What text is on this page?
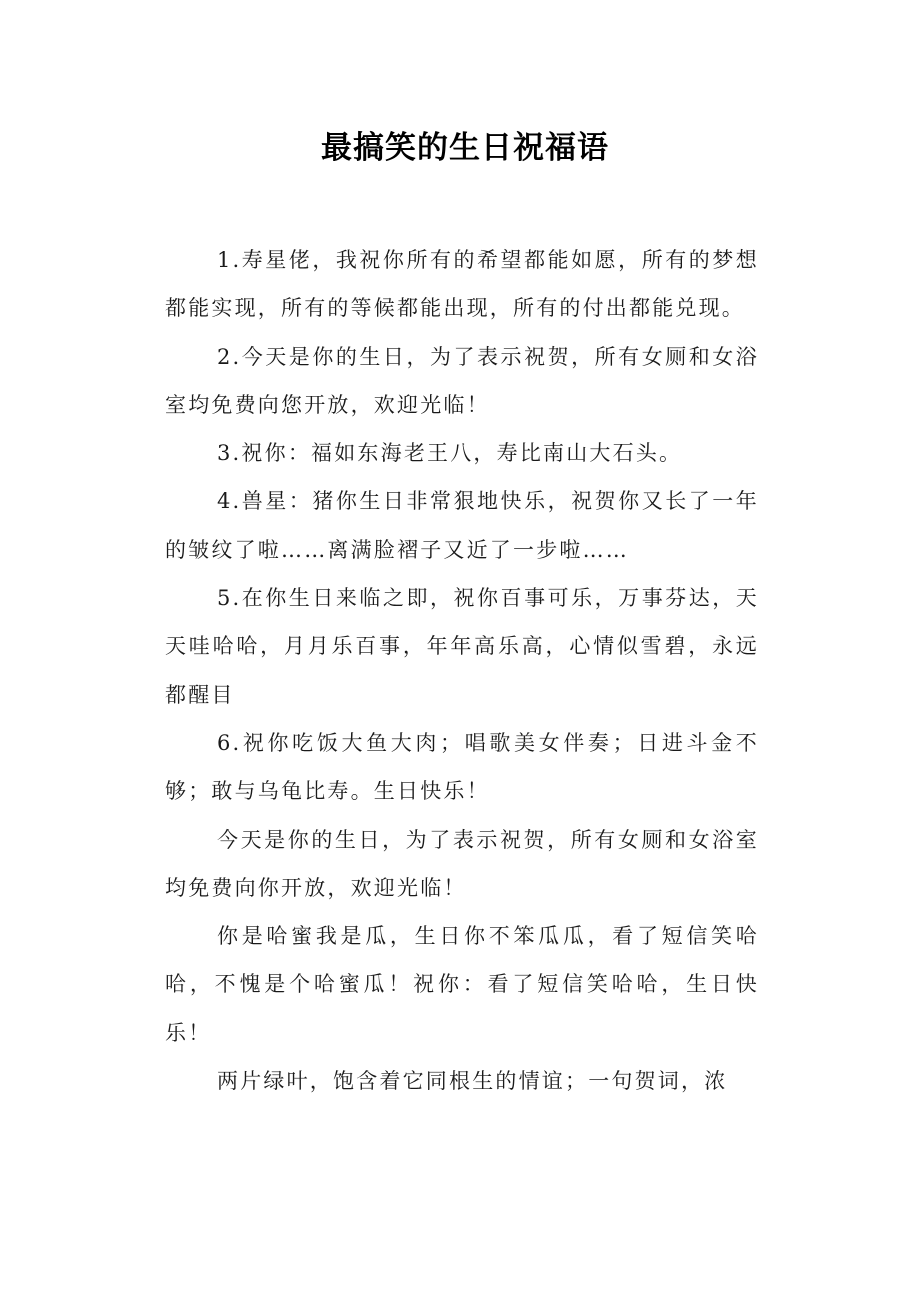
最搞笑的生日祝福语

1.寿星佬，我祝你所有的希望都能如愿，所有的梦想都能实现，所有的等候都能出现，所有的付出都能兑现。

2.今天是你的生日，为了表示祝贺，所有女厕和女浴室均免费向您开放，欢迎光临！

3.祝你：福如东海老王八，寿比南山大石头。

4.兽星：猪你生日非常狠地快乐，祝贺你又长了一年的皱纹了啦……离满脸褶子又近了一步啦……

5.在你生日来临之即，祝你百事可乐，万事芬达，天天哇哈哈，月月乐百事，年年高乐高，心情似雪碧，永远都醒目

6.祝你吃饭大鱼大肉；唱歌美女伴奏；日进斗金不够；敢与乌龟比寿。生日快乐！

今天是你的生日，为了表示祝贺，所有女厕和女浴室均免费向你开放，欢迎光临！

你是哈蜜我是瓜，生日你不笨瓜瓜，看了短信笑哈哈，不愧是个哈蜜瓜！祝你：看了短信笑哈哈，生日快乐！

两片绿叶，饱含着它同根生的情谊；一句贺词，浓
